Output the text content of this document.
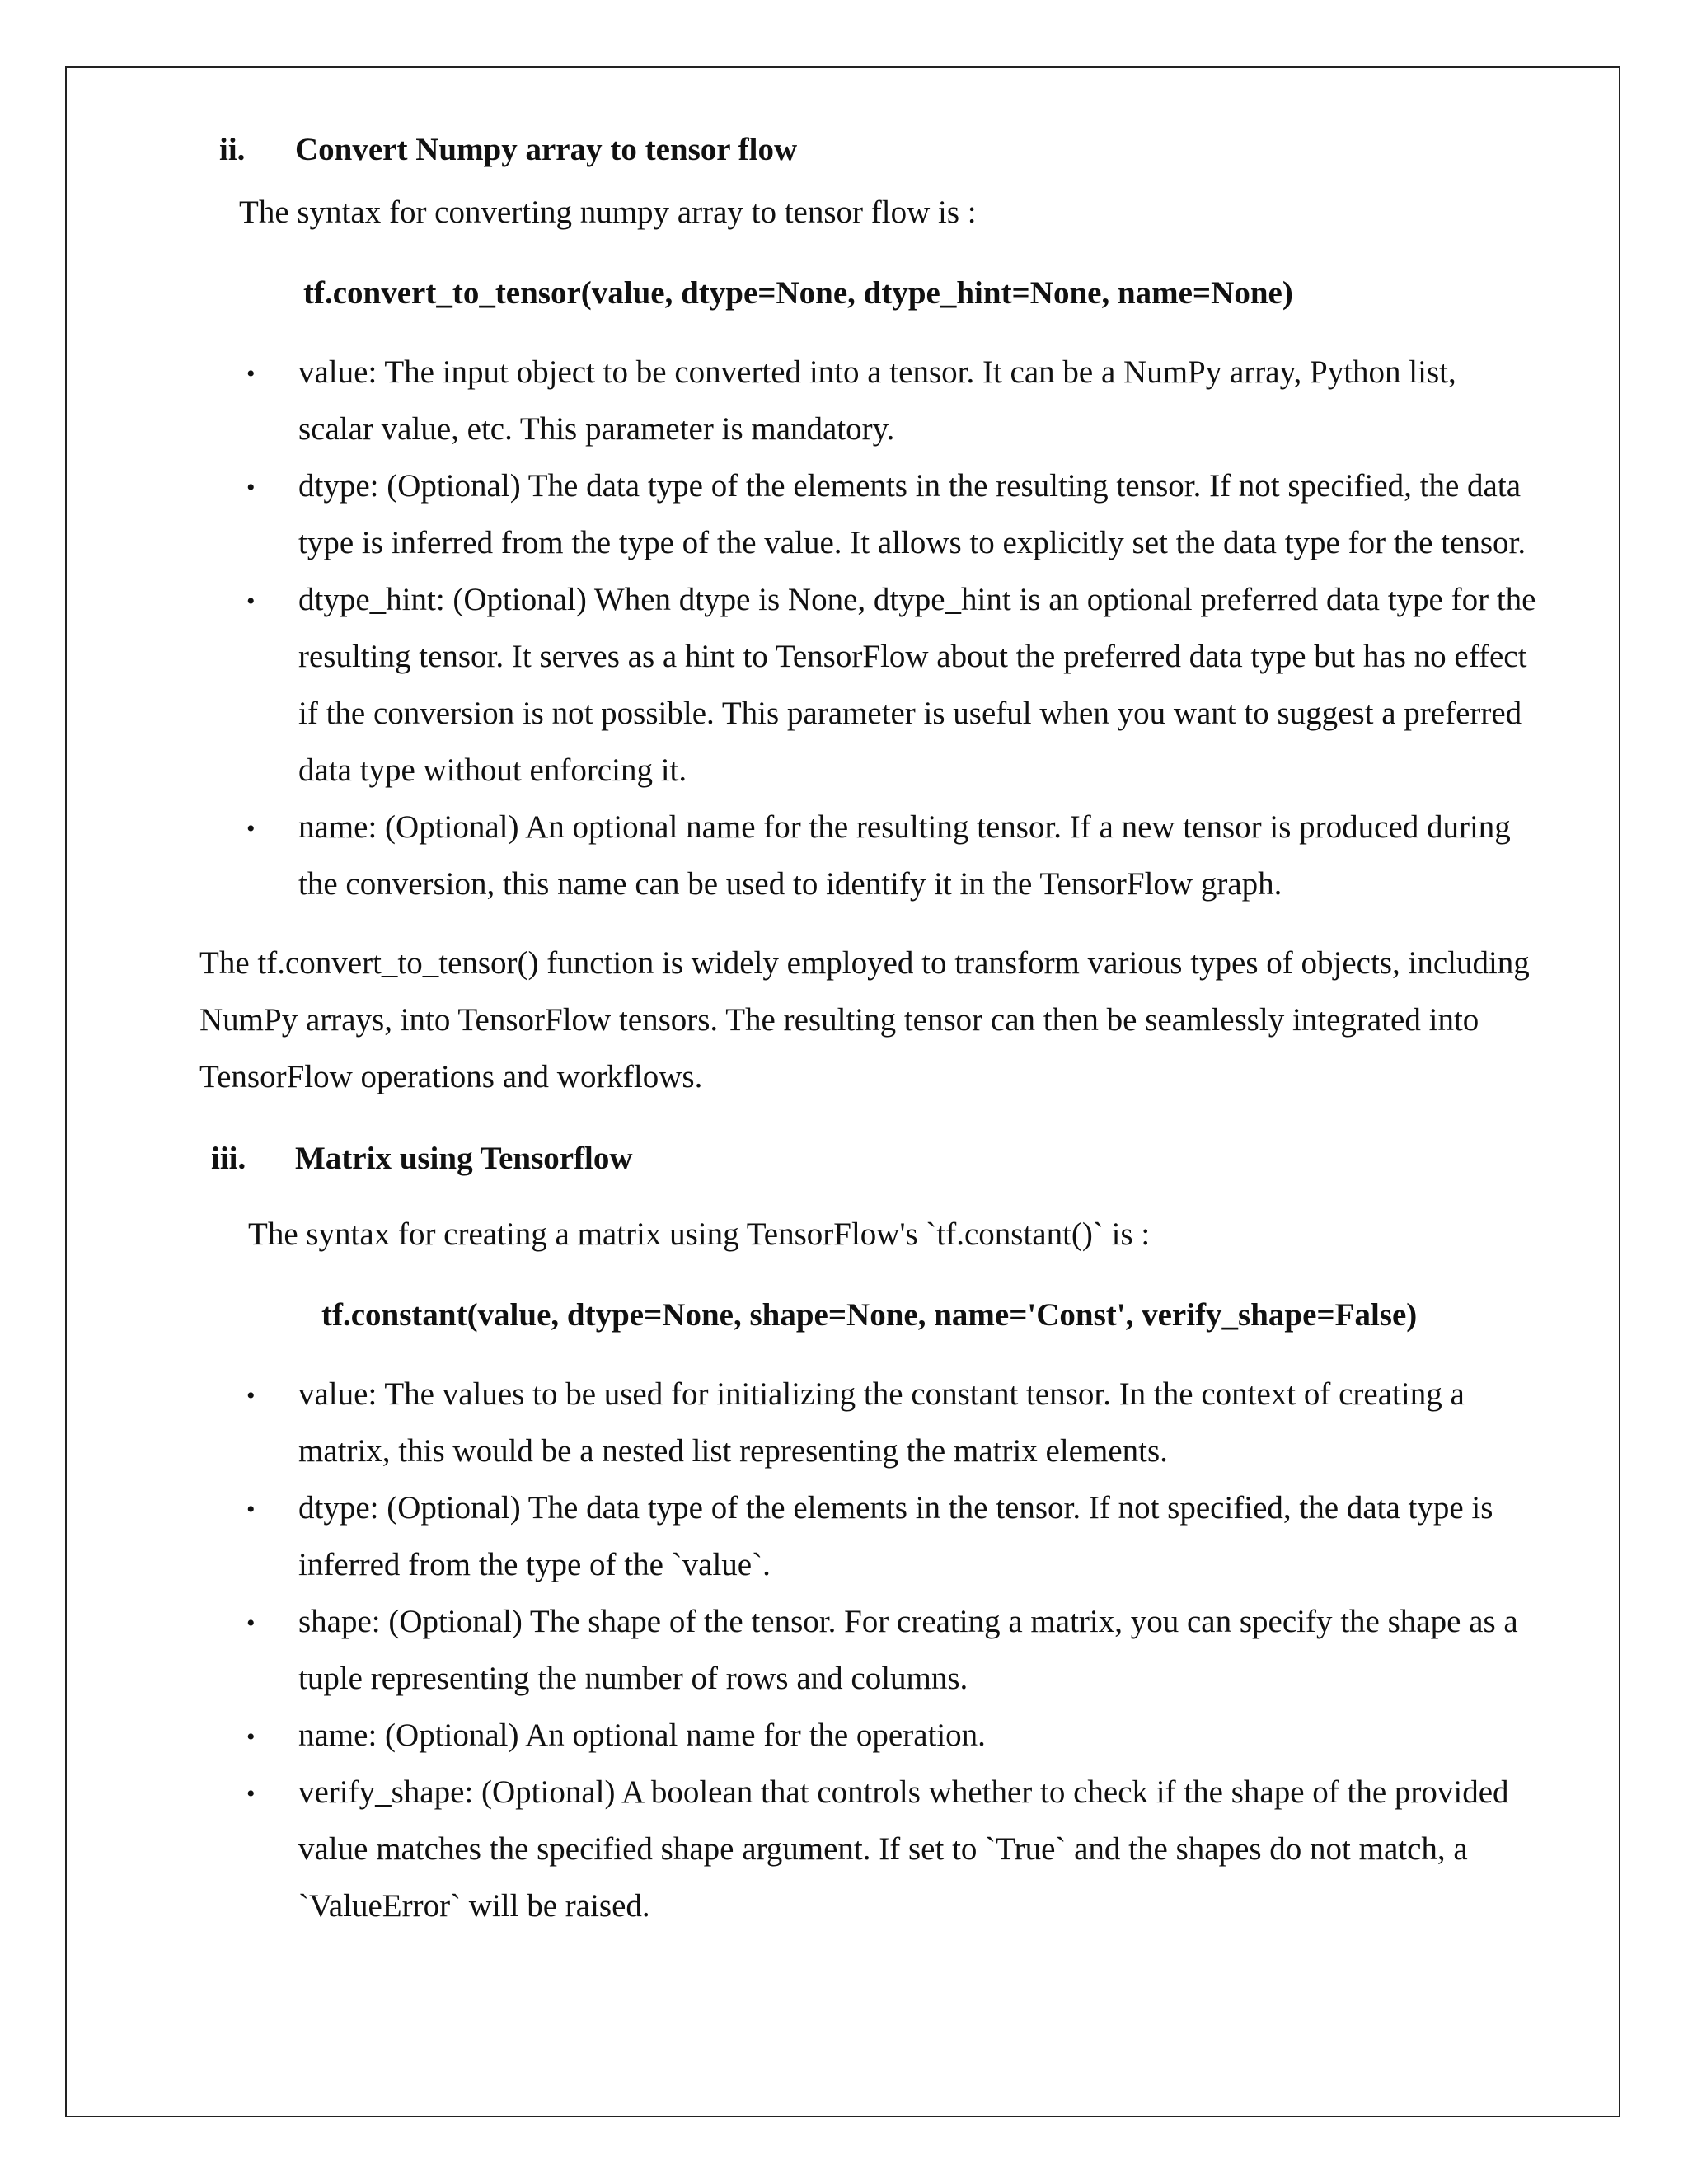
ii. Convert Numpy array to tensor flow
The syntax for converting numpy array to tensor flow is :
tf.convert_to_tensor(value, dtype=None, dtype_hint=None, name=None)
• value: The input object to be converted into a tensor. It can be a NumPy array, Python list,
scalar value, etc. This parameter is mandatory.
• dtype: (Optional) The data type of the elements in the resulting tensor. If not specified, the data
type is inferred from the type of the value. It allows to explicitly set the data type for the tensor.
• dtype_hint: (Optional) When dtype is None, dtype_hint is an optional preferred data type for the
resulting tensor. It serves as a hint to TensorFlow about the preferred data type but has no effect
if the conversion is not possible. This parameter is useful when you want to suggest a preferred
data type without enforcing it.
• name: (Optional) An optional name for the resulting tensor. If a new tensor is produced during
the conversion, this name can be used to identify it in the TensorFlow graph.
The tf.convert_to_tensor() function is widely employed to transform various types of objects, including
NumPy arrays, into TensorFlow tensors. The resulting tensor can then be seamlessly integrated into
TensorFlow operations and workflows.
iii. Matrix using Tensorflow
The syntax for creating a matrix using TensorFlow's `tf.constant()` is :
tf.constant(value, dtype=None, shape=None, name='Const', verify_shape=False)
• value: The values to be used for initializing the constant tensor. In the context of creating a
matrix, this would be a nested list representing the matrix elements.
• dtype: (Optional) The data type of the elements in the tensor. If not specified, the data type is
inferred from the type of the `value`.
• shape: (Optional) The shape of the tensor. For creating a matrix, you can specify the shape as a
tuple representing the number of rows and columns.
• name: (Optional) An optional name for the operation.
• verify_shape: (Optional) A boolean that controls whether to check if the shape of the provided
value matches the specified shape argument. If set to `True` and the shapes do not match, a
`ValueError` will be raised.
